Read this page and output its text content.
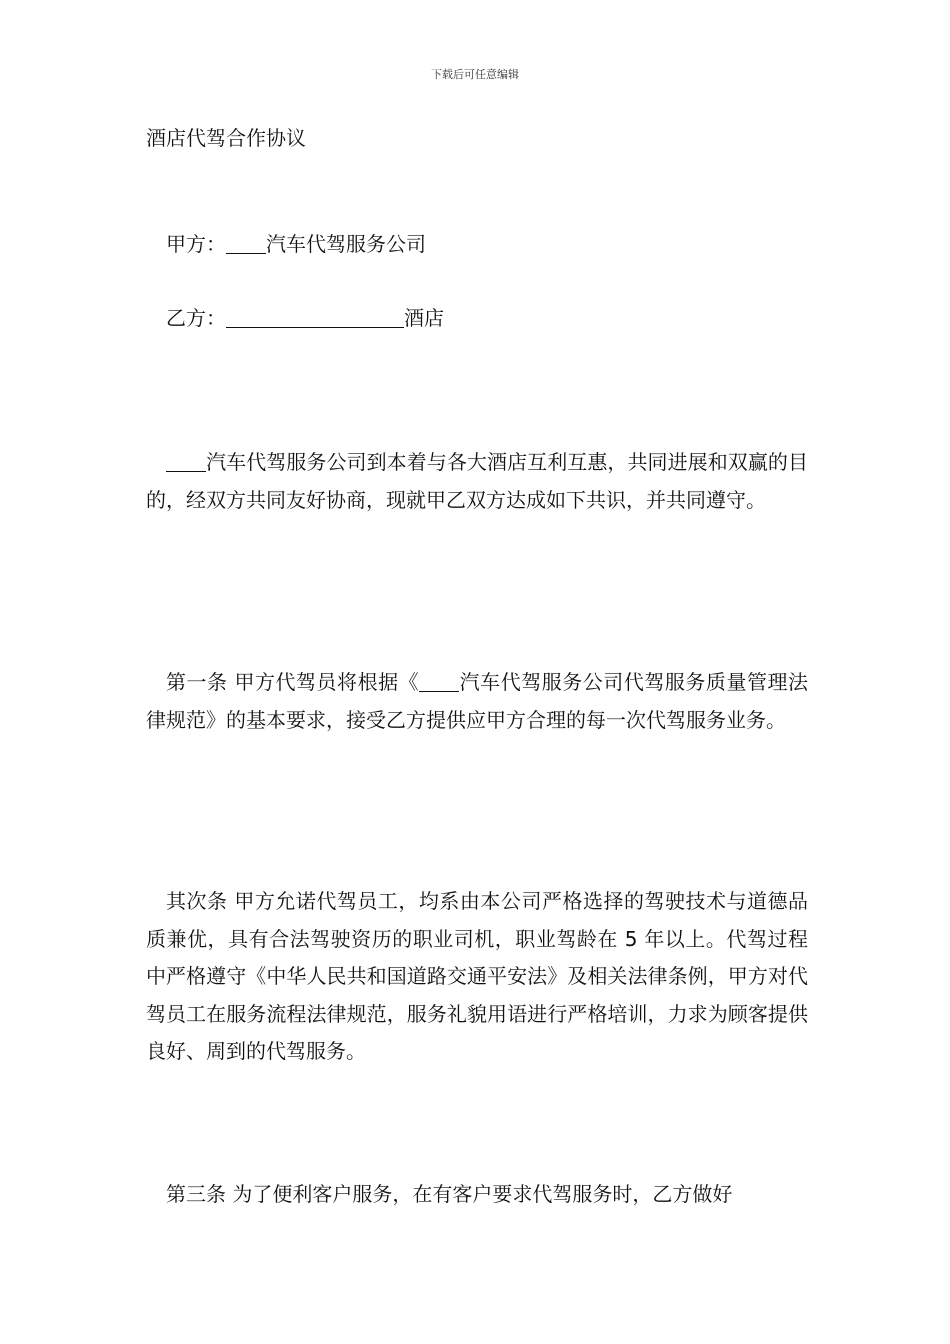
下载后可任意编辑
酒店代驾合作协议
甲方： 汽车代驾服务公司
乙方：	酒店
汽车代驾服务公司到本着与各大酒店互利互惠，共同进展和双赢的目的，经双方共同友好协商，现就甲乙双方达成如下共识，并共同遵守。
第一条 甲方代驾员将根据《 汽车代驾服务公司代驾服务质量管理法律规范》的基本要求，接受乙方提供应甲方合理的每一次代驾服务业务。
其次条 甲方允诺代驾员工，均系由本公司严格选择的驾驶技术与道德品质兼优，具有合法驾驶资历的职业司机，职业驾龄在 5 年以上。代驾过程中严格遵守《中华人民共和国道路交通平安法》及相关法律条例，甲方对代驾员工在服务流程法律规范，服务礼貌用语进行严格培训，力求为顾客提供良好、周到的代驾服务。
第三条 为了便利客户服务，在有客户要求代驾服务时，乙方做好
